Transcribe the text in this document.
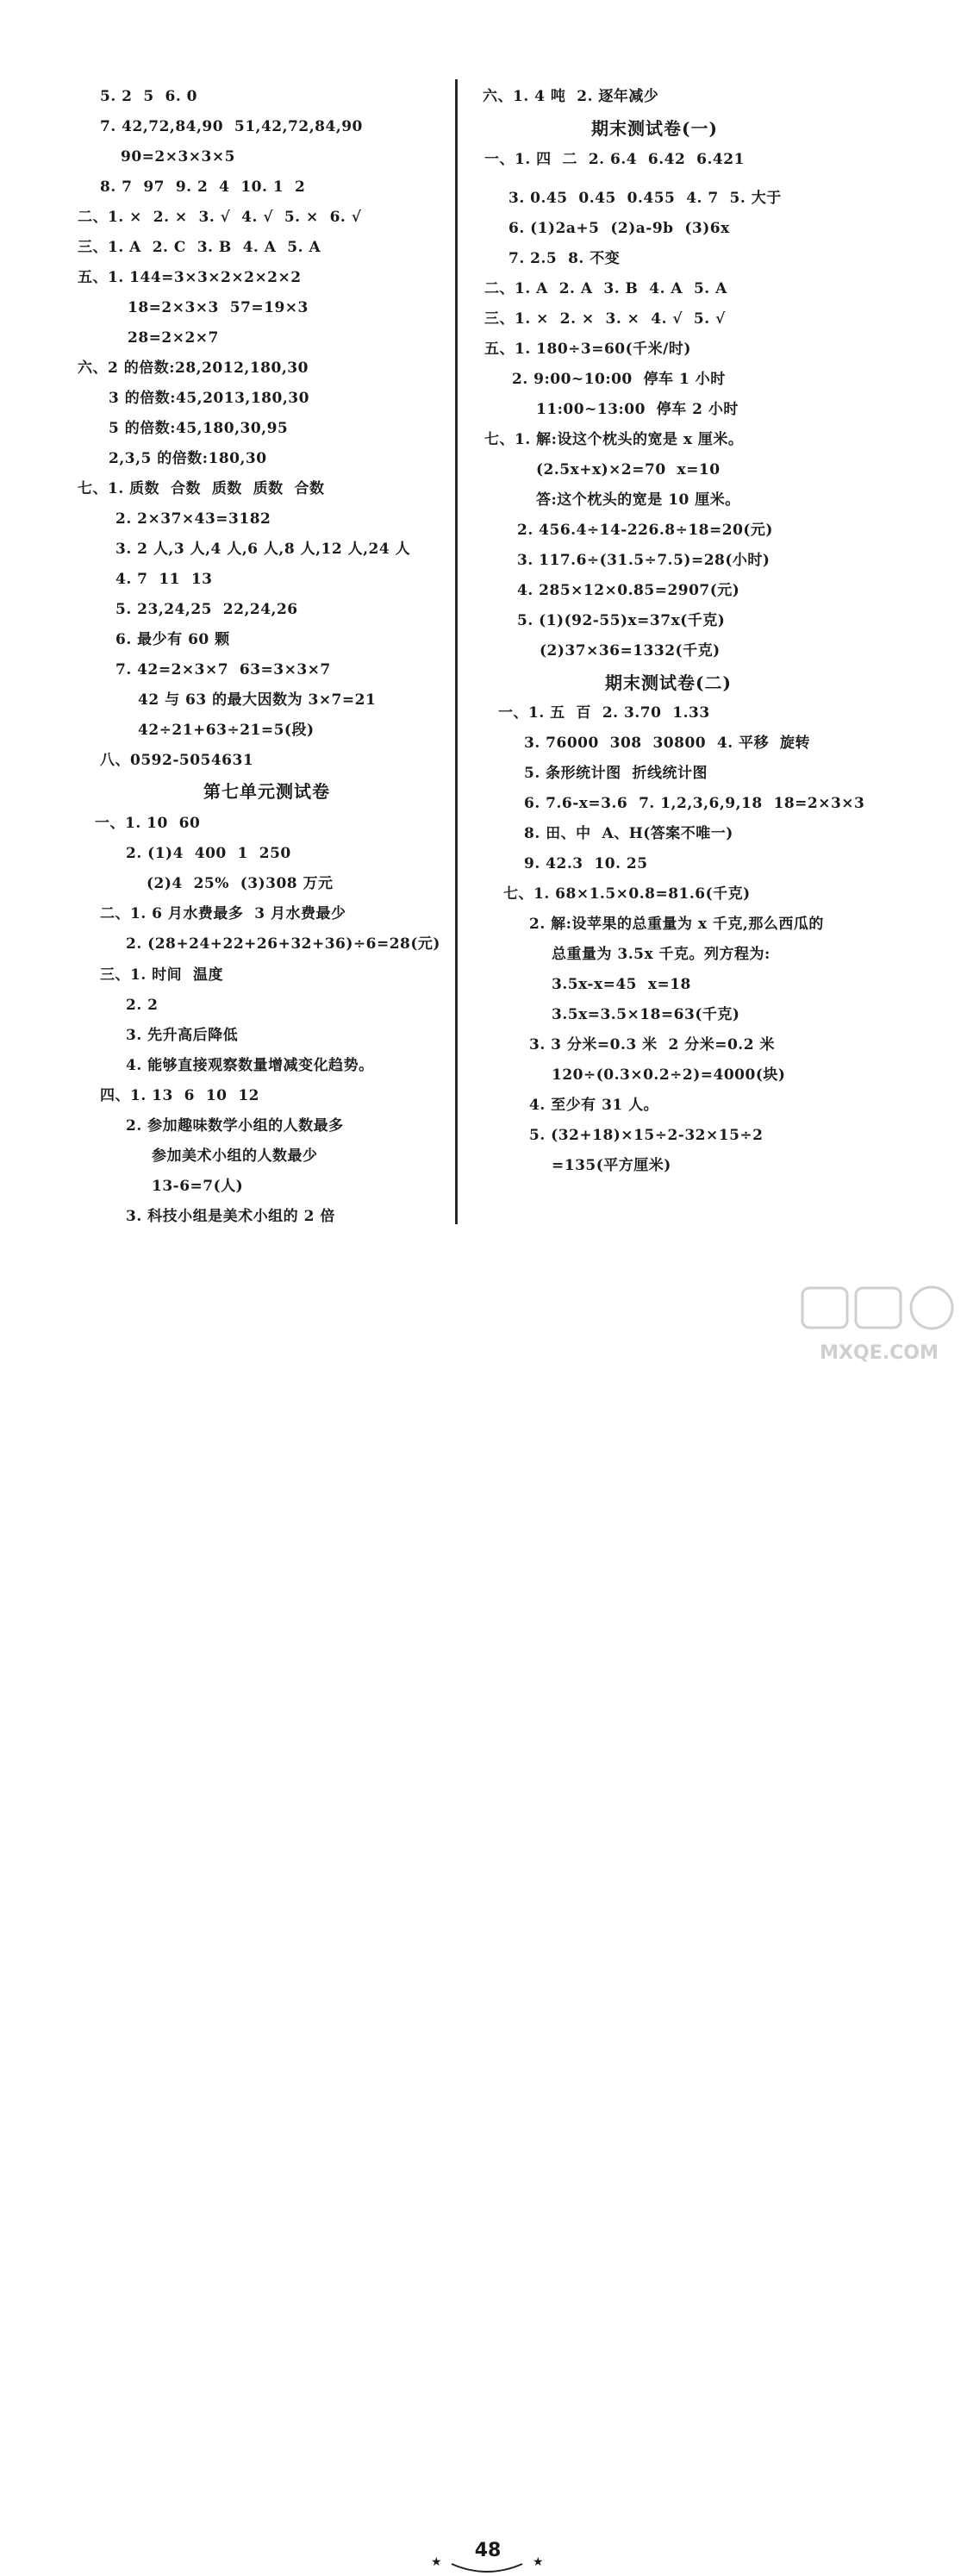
5. 2  5  6. 0
7. 42,72,84,90  51,42,72,84,90
90=2×3×3×5
8. 7  97  9. 2  4  10. 1  2
二、1. ×  2. ×  3. √  4. √  5. ×  6. √
三、1. A  2. C  3. B  4. A  5. A
五、1. 144=3×3×2×2×2×2
18=2×3×3  57=19×3
28=2×2×7
六、2 的倍数:28,2012,180,30
3 的倍数:45,2013,180,30
5 的倍数:45,180,30,95
2,3,5 的倍数:180,30
七、1. 质数  合数  质数  质数  合数
2. 2×37×43=3182
3. 2 人,3 人,4 人,6 人,8 人,12 人,24 人
4. 7  11  13
5. 23,24,25  22,24,26
6. 最少有 60 颗
7. 42=2×3×7  63=3×3×7
42 与 63 的最大因数为 3×7=21
42÷21+63÷21=5(段)
八、0592-5054631
第七单元测试卷
一、1. 10  60
2. (1)4  400  1  250
(2)4  25%  (3)308 万元
二、1. 6 月水费最多  3 月水费最少
2. (28+24+22+26+32+36)÷6=28(元)
三、1. 时间  温度
2. 2
3. 先升高后降低
4. 能够直接观察数量增减变化趋势。
四、1. 13  6  10  12
2. 参加趣味数学小组的人数最多
参加美术小组的人数最少
13-6=7(人)
3. 科技小组是美术小组的 2 倍
六、1. 4 吨  2. 逐年减少
期末测试卷(一)
一、1. 四  二  2. 6.4  6.42  6.421
3. 0.45  0.45  0.455  4. 7  5. 大于
6. (1)2a+5  (2)a-9b  (3)6x
7. 2.5  8. 不变
二、1. A  2. A  3. B  4. A  5. A
三、1. ×  2. ×  3. ×  4. √  5. √
五、1. 180÷3=60(千米/时)
2. 9:00~10:00  停车 1 小时
11:00~13:00  停车 2 小时
七、1. 解:设这个枕头的宽是 x 厘米。
(2.5x+x)×2=70  x=10
答:这个枕头的宽是 10 厘米。
2. 456.4÷14-226.8÷18=20(元)
3. 117.6÷(31.5÷7.5)=28(小时)
4. 285×12×0.85=2907(元)
5. (1)(92-55)x=37x(千克)
(2)37×36=1332(千克)
期末测试卷(二)
一、1. 五  百  2. 3.70  1.33
3. 76000  308  30800  4. 平移  旋转
5. 条形统计图  折线统计图
6. 7.6-x=3.6  7. 1,2,3,6,9,18  18=2×3×3
8. 田、中  A、H(答案不唯一)
9. 42.3  10. 25
七、1. 68×1.5×0.8=81.6(千克)
2. 解:设苹果的总重量为 x 千克,那么西瓜的
总重量为 3.5x 千克。列方程为:
3.5x-x=45  x=18
3.5x=3.5×18=63(千克)
3. 3 分米=0.3 米  2 分米=0.2 米
120÷(0.3×0.2÷2)=4000(块)
4. 至少有 31 人。
5. (32+18)×15÷2-32×15÷2
=135(平方厘米)
★
48
★
MXQE.COM
